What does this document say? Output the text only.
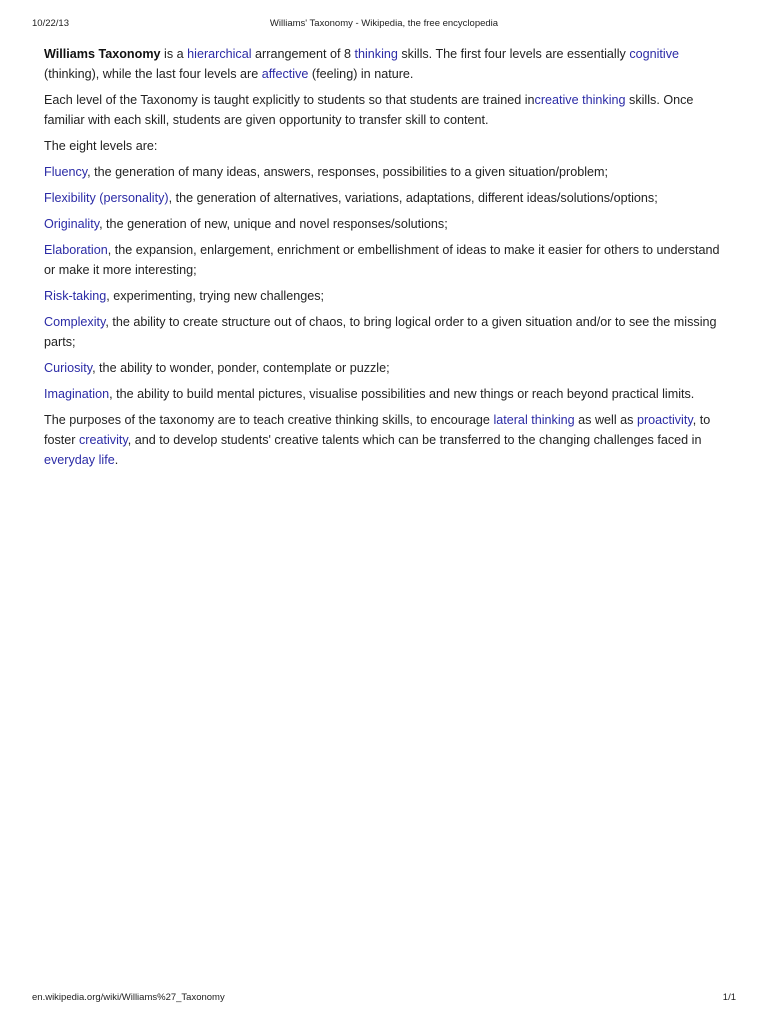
10/22/13	Williams' Taxonomy - Wikipedia, the free encyclopedia

Williams Taxonomy is a hierarchical arrangement of 8 thinking skills. The first four levels are essentially cognitive (thinking), while the last four levels are affective (feeling) in nature.

Each level of the Taxonomy is taught explicitly to students so that students are trained increative thinking skills. Once familiar with each skill, students are given opportunity to transfer skill to content.

The eight levels are:

Fluency, the generation of many ideas, answers, responses, possibilities to a given situation/problem;

Flexibility (personality), the generation of alternatives, variations, adaptations, different ideas/solutions/options;

Originality, the generation of new, unique and novel responses/solutions;

Elaboration, the expansion, enlargement, enrichment or embellishment of ideas to make it easier for others to understand or make it more interesting;

Risk-taking, experimenting, trying new challenges;

Complexity, the ability to create structure out of chaos, to bring logical order to a given situation and/or to see the missing parts;

Curiosity, the ability to wonder, ponder, contemplate or puzzle;

Imagination, the ability to build mental pictures, visualise possibilities and new things or reach beyond practical limits.

The purposes of the taxonomy are to teach creative thinking skills, to encourage lateral thinking as well as proactivity, to foster creativity, and to develop students' creative talents which can be transferred to the changing challenges faced in everyday life.

en.wikipedia.org/wiki/Williams%27_Taxonomy	1/1
